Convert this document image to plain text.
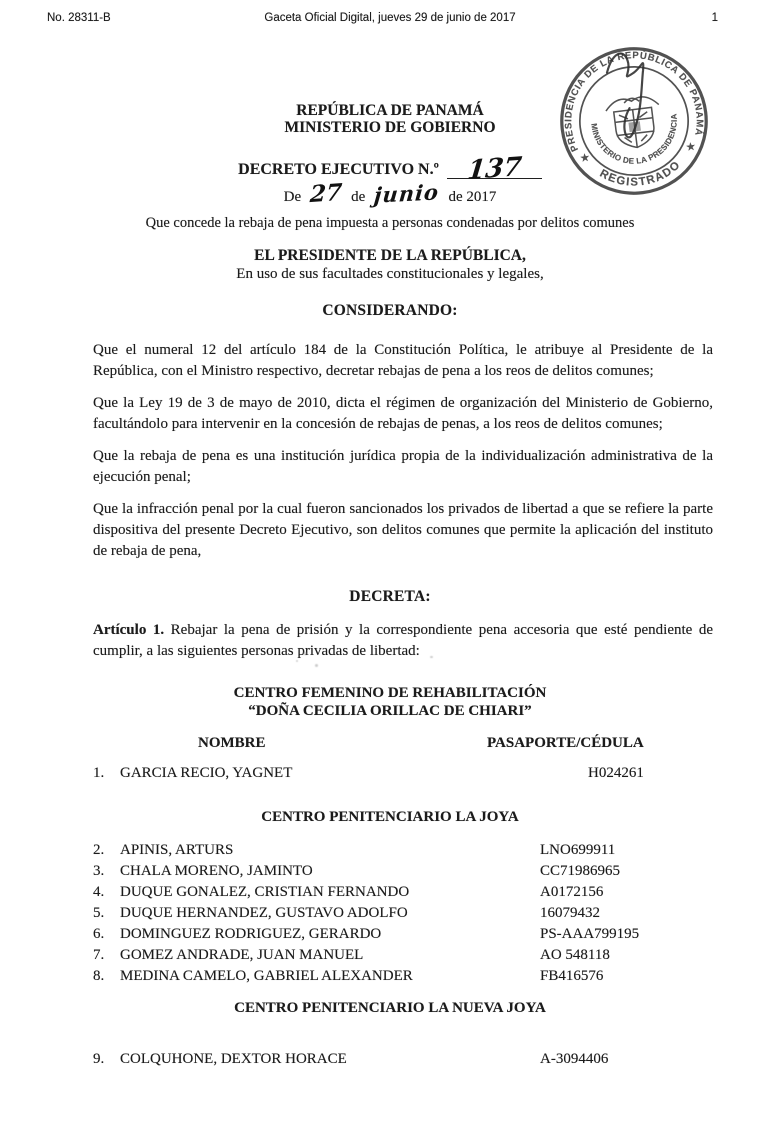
No. 28311-B	Gaceta Oficial Digital, jueves 29 de junio de 2017	1
PRESIDENCIA DE LA REPÚBLICA DE PANAMÁ
REGISTRADO
MINISTERIO DE LA PRESIDENCIA
★
★
REPÚBLICA DE PANAMÁ
MINISTERIO DE GOBIERNO
DECRETO EJECUTIVO N.º	137
De 27 de junio de 2017
Que concede la rebaja de pena impuesta a personas condenadas por delitos comunes
EL PRESIDENTE DE LA REPÚBLICA,
En uso de sus facultades constitucionales y legales,
CONSIDERANDO:

Que el numeral 12 del artículo 184 de la Constitución Política, le atribuye al Presidente de la República, con el Ministro respectivo, decretar rebajas de pena a los reos de delitos comunes;

Que la Ley 19 de 3 de mayo de 2010, dicta el régimen de organización del Ministerio de Gobierno, facultándolo para intervenir en la concesión de rebajas de penas, a los reos de delitos comunes;

Que la rebaja de pena es una institución jurídica propia de la individualización administrativa de la ejecución penal;

Que la infracción penal por la cual fueron sancionados los privados de libertad a que se refiere la parte dispositiva del presente Decreto Ejecutivo, son delitos comunes que permite la aplicación del instituto de rebaja de pena,

DECRETA:
Artículo 1. Rebajar la pena de prisión y la correspondiente pena accesoria que esté pendiente de cumplir, a las siguientes personas privadas de libertad:
CENTRO FEMENINO DE REHABILITACIÓN
“DOÑA CECILIA ORILLAC DE CHIARI”
NOMBRE	PASAPORTE/CÉDULA
1.	GARCIA RECIO, YAGNET	H024261
CENTRO PENITENCIARIO LA JOYA
2.	APINIS, ARTURS	LNO699911
3.	CHALA MORENO, JAMINTO	CC71986965
4.	DUQUE GONALEZ, CRISTIAN FERNANDO	A0172156
5.	DUQUE HERNANDEZ, GUSTAVO ADOLFO	16079432
6.	DOMINGUEZ RODRIGUEZ, GERARDO	PS-AAA799195
7.	GOMEZ ANDRADE, JUAN MANUEL	AO 548118
8.	MEDINA CAMELO, GABRIEL ALEXANDER	FB416576
CENTRO PENITENCIARIO LA NUEVA JOYA
9.	COLQUHONE, DEXTOR HORACE	A-3094406
